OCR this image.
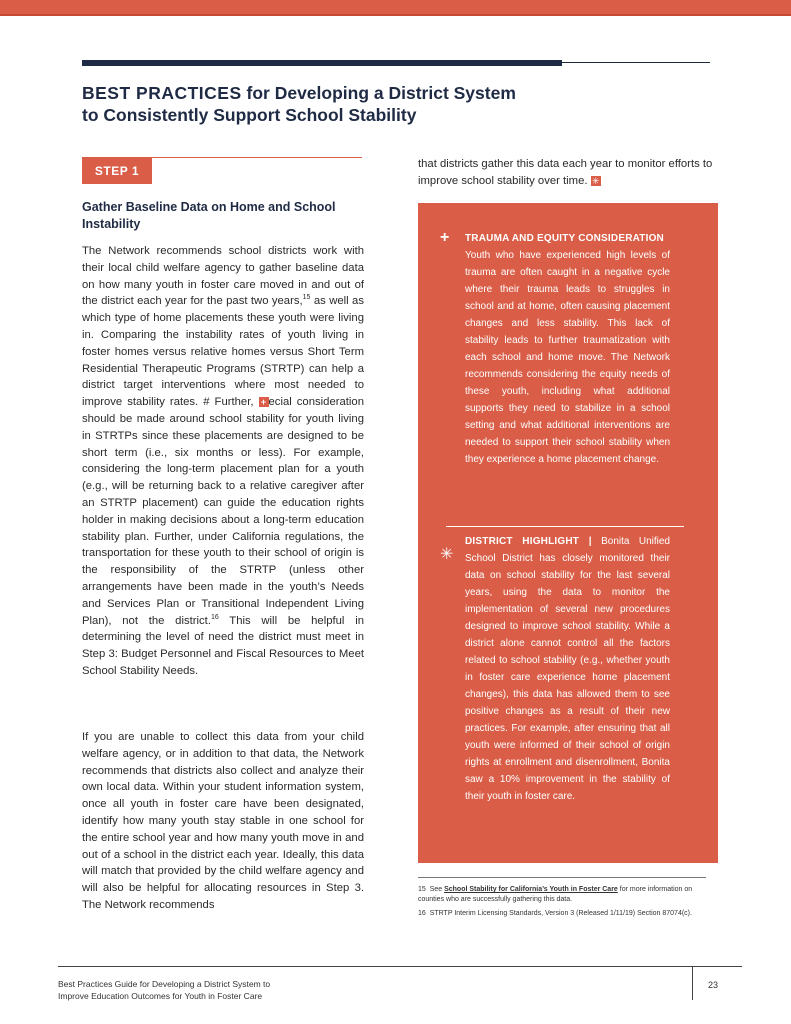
BEST PRACTICES for Developing a District System
to Consistently Support School Stability
STEP 1
Gather Baseline Data on Home and School Instability

The Network recommends school districts work with their local child welfare agency to gather baseline data on how many youth in foster care moved in and out of the district each year for the past two years,$^{15}$ as well as which type of home placements these youth were living in. Comparing the instability rates of youth living in foster homes versus relative homes versus Short Term Residential Therapeutic Programs (STRTP) can help a district target interventions where most needed to improve stability rates. # Further, + ecial consideration should be made around school stability for youth living in STRTPs since these placements are designed to be short term (i.e., six months or less). For example, considering the long-term placement plan for a youth (e.g., will be returning back to a relative caregiver after an STRTP placement) can guide the education rights holder in making decisions about a long-term education stability plan. Further, under California regulations, the transportation for these youth to their school of origin is the responsibility of the STRTP (unless other arrangements have been made in the youth’s Needs and Services Plan or Transitional Independent Living Plan), not the district.$^{16}$ This will be helpful in determining the level of need the district must meet in Step 3: Budget Personnel and Fiscal Resources to Meet School Stability Needs.

If you are unable to collect this data from your child welfare agency, or in addition to that data, the Network recommends that districts also collect and analyze their own local data. Within your student information system, once all youth in foster care have been designated, identify how many youth stay stable in one school for the entire school year and how many youth move in and out of a school in the district each year. Ideally, this data will match that provided by the child welfare agency and will also be helpful for allocating resources in Step 3. The Network recommends

that districts gather this data each year to monitor efforts to improve school stability over time. ✳

+ TRAUMA AND EQUITY CONSIDERATION
Youth who have experienced high levels of trauma are often caught in a negative cycle where their trauma leads to struggles in school and at home, often causing placement changes and less stability. This lack of stability leads to further traumatization with each school and home move. The Network recommends considering the equity needs of these youth, including what additional supports they need to stabilize in a school setting and what additional interventions are needed to support their school stability when they experience a home placement change.

✳

DISTRICT HIGHLIGHT | Bonita Unified School District has closely monitored their data on school stability for the last several years, using the data to monitor the implementation of several new procedures designed to improve school stability. While a district alone cannot control all the factors related to school stability (e.g., whether youth in foster care experience home placement changes), this data has allowed them to see positive changes as a result of their new practices. For example, after ensuring that all youth were informed of their school of origin rights at enrollment and disenrollment, Bonita saw a 10% improvement in the stability of their youth in foster care.

15 See School Stability for California’s Youth in Foster Care for more information on counties who are successfully gathering this data.
16 STRTP Interim Licensing Standards, Version 3 (Released 1/11/19) Section 87074(c).
Best Practices Guide for Developing a District System to
Improve Education Outcomes for Youth in Foster Care
23
